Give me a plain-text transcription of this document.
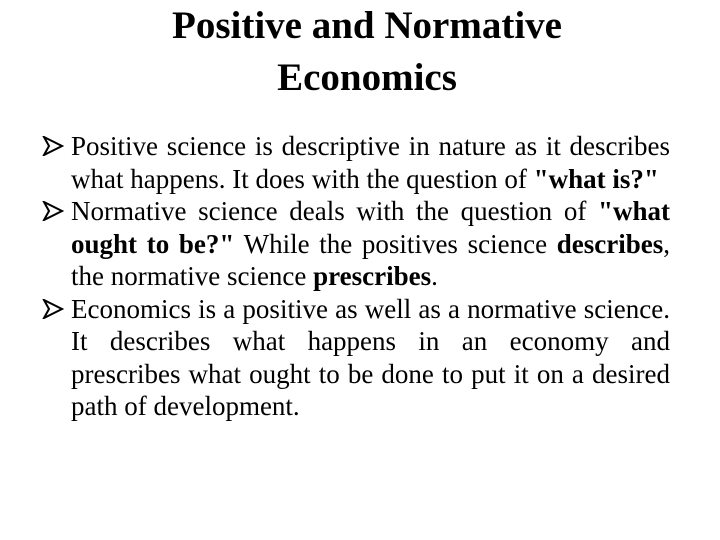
Positive and Normative
Economics
Positive science is descriptive in nature as it describes what happens. It does with the question of "what is?"
Normative science deals with the question of "what ought to be?" While the positives science describes, the normative science prescribes.
Economics is a positive as well as a normative science. It describes what happens in an economy and prescribes what ought to be done to put it on a desired path of development.
